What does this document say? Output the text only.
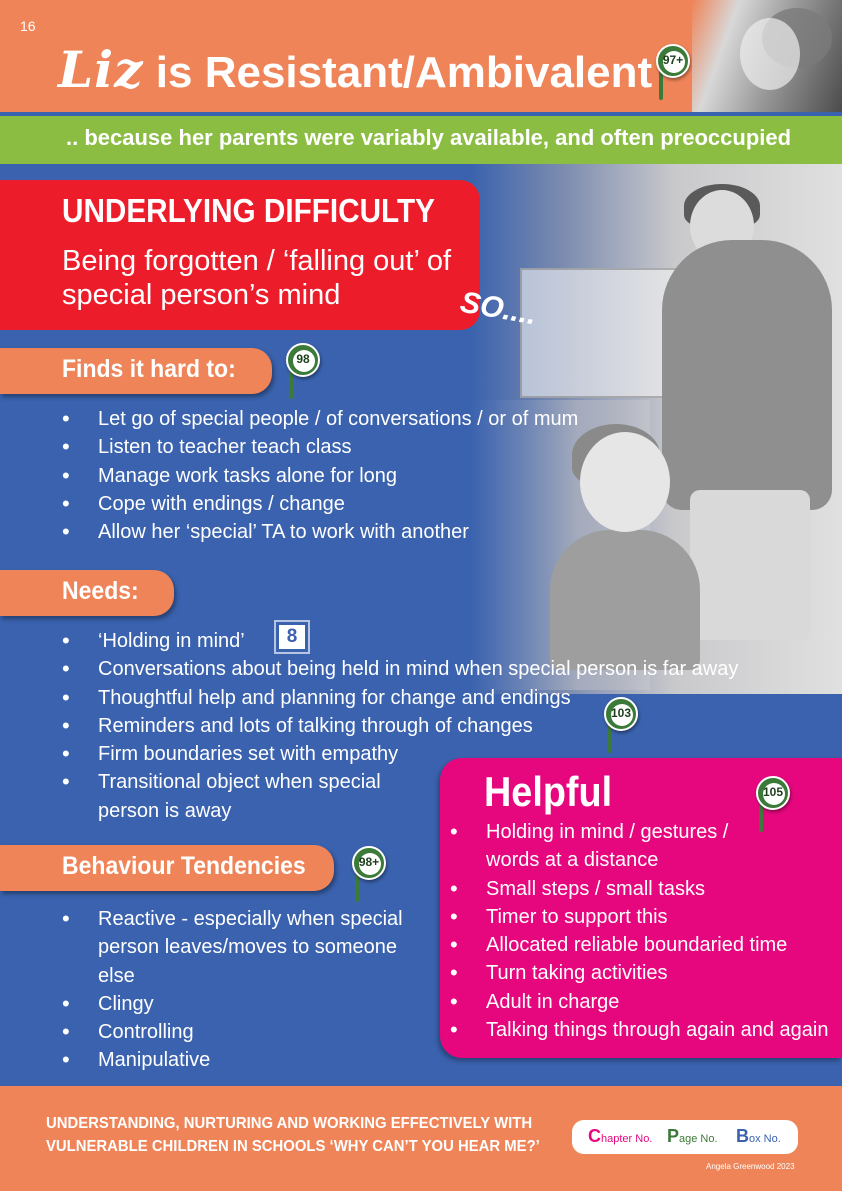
16
Liz is Resistant/Ambivalent 97+
.. because her parents were variably available, and often preoccupied
UNDERLYING DIFFICULTY
Being forgotten / ‘falling out’ of special person’s mind	SO....
Finds it hard to:	98
• Let go of special people / of conversations / or of mum
• Listen to teacher teach class
• Manage work tasks alone for long
• Cope with endings / change
• Allow her ‘special’ TA to work with another
Needs:
8
• ‘Holding in mind’
• Conversations about being held in mind when special person is far away
• Thoughtful help and planning for change and endings
• Reminders and lots of talking through of changes
• Firm boundaries set with empathy
• Transitional object when special person is away
103
Behaviour Tendencies	98+
• Reactive - especially when special person leaves/moves to someone else
• Clingy
• Controlling
• Manipulative
Helpful	105
• Holding in mind / gestures / words at a distance
• Small steps / small tasks
• Timer to support this
• Allocated reliable boundaried time
• Turn taking activities
• Adult in charge
• Talking things through again and again
UNDERSTANDING, NURTURING AND WORKING EFFECTIVELY WITH
VULNERABLE CHILDREN IN SCHOOLS ‘WHY CAN’T YOU HEAR ME?’
Chapter No. Page No. Box No.
Angela Greenwood 2023
